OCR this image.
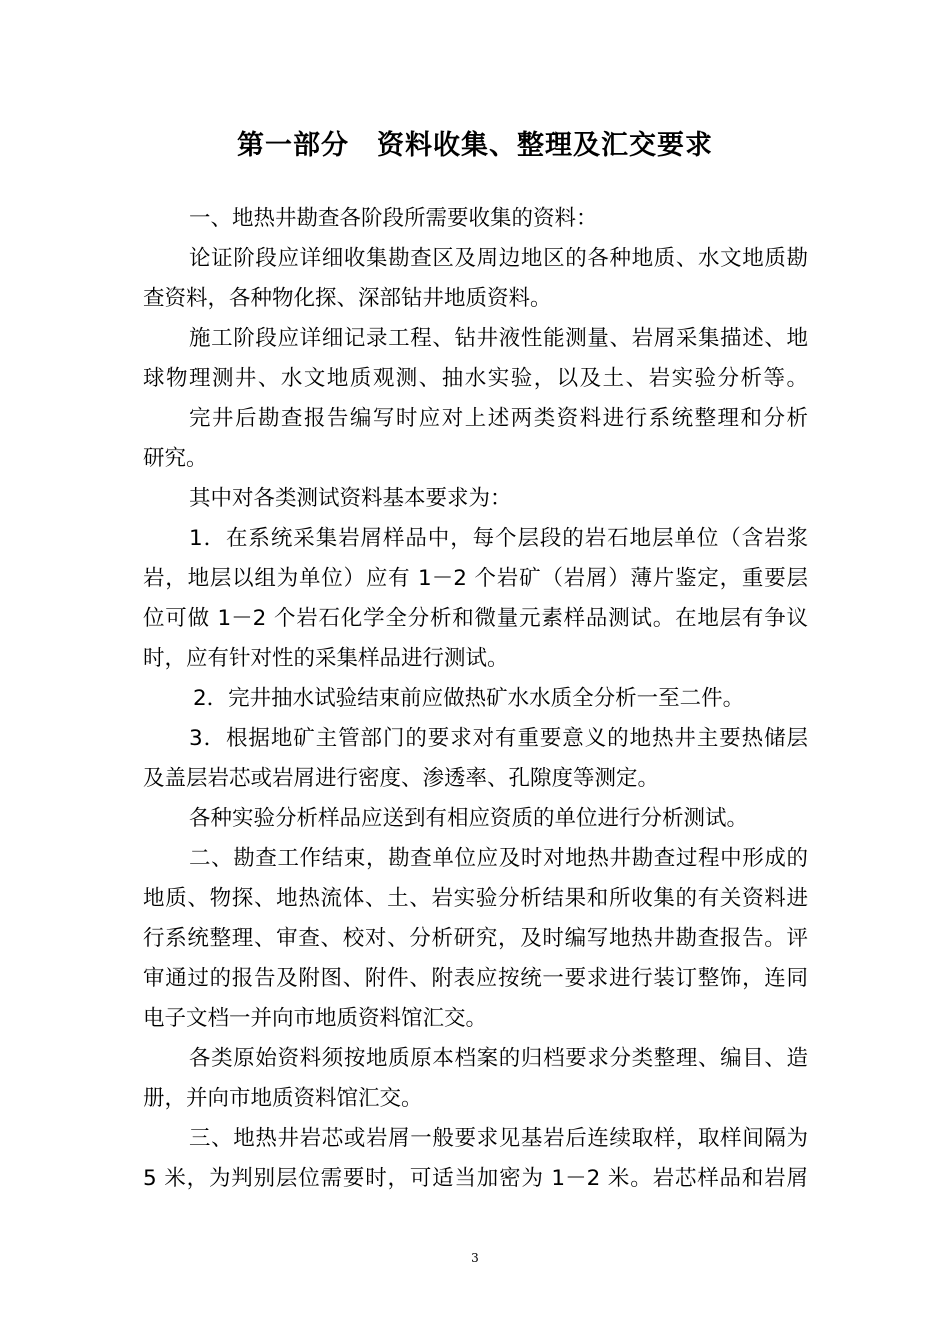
第一部分　资料收集、整理及汇交要求
一、地热井勘查各阶段所需要收集的资料：
论证阶段应详细收集勘查区及周边地区的各种地质、水文地质勘
查资料，各种物化探、深部钻井地质资料。
施工阶段应详细记录工程、钻井液性能测量、岩屑采集描述、地
球物理测井、水文地质观测、抽水实验，以及土、岩实验分析等。
完井后勘查报告编写时应对上述两类资料进行系统整理和分析
研究。
其中对各类测试资料基本要求为：
1．在系统采集岩屑样品中，每个层段的岩石地层单位（含岩浆
岩，地层以组为单位）应有 1－2 个岩矿（岩屑）薄片鉴定，重要层
位可做 1－2 个岩石化学全分析和微量元素样品测试。在地层有争议
时，应有针对性的采集样品进行测试。
2．完井抽水试验结束前应做热矿水水质全分析一至二件。
3．根据地矿主管部门的要求对有重要意义的地热井主要热储层
及盖层岩芯或岩屑进行密度、渗透率、孔隙度等测定。
各种实验分析样品应送到有相应资质的单位进行分析测试。
二、勘查工作结束，勘查单位应及时对地热井勘查过程中形成的
地质、物探、地热流体、土、岩实验分析结果和所收集的有关资料进
行系统整理、审查、校对、分析研究，及时编写地热井勘查报告。评
审通过的报告及附图、附件、附表应按统一要求进行装订整饰，连同
电子文档一并向市地质资料馆汇交。
各类原始资料须按地质原本档案的归档要求分类整理、编目、造
册，并向市地质资料馆汇交。
三、地热井岩芯或岩屑一般要求见基岩后连续取样，取样间隔为
5 米，为判别层位需要时，可适当加密为 1－2 米。岩芯样品和岩屑
3
